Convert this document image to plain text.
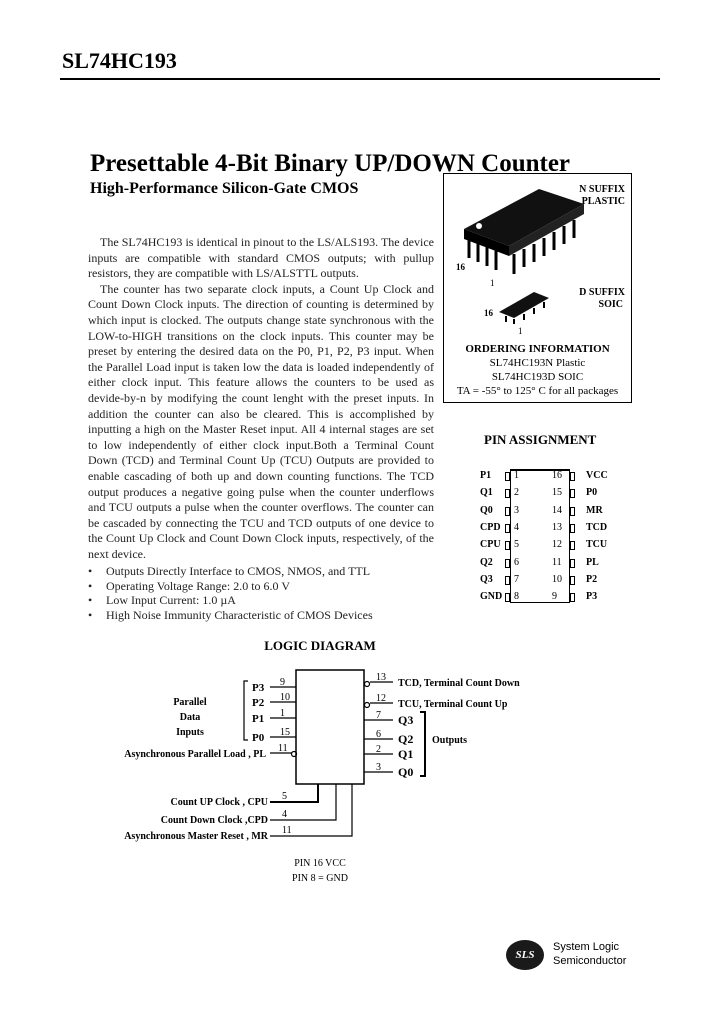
SL74HC193
Presettable 4-Bit Binary UP/DOWN Counter
High-Performance Silicon-Gate CMOS

The SL74HC193 is identical in pinout to the LS/ALS193. The device inputs are compatible with standard CMOS outputs; with pullup resistors, they are compatible with LS/ALSTTL outputs.

The counter has two separate clock inputs, a Count Up Clock and Count Down Clock inputs. The direction of counting is determined by which input is clocked. The outputs change state synchronous with the LOW-to-HIGH transitions on the clock inputs. This counter may be preset by entering the desired data on the P0, P1, P2, P3 input. When the Parallel Load input is taken low the data is loaded independently of either clock input. This feature allows the counters to be used as devide-by-n by modifying the count lenght with the preset inputs. In addition the counter can also be cleared. This is accomplished by inputting a high on the Master Reset input. All 4 internal stages are set to low independently of either clock input.Both a Terminal Count Down (TCD) and Terminal Count Up (TCU) Outputs are provided to enable cascading of both up and down counting functions. The TCD output produces a negative going pulse when the counter underflows and TCU outputs a pulse when the counter overflows. The counter can be cascaded by connecting the TCU and TCD outputs of one device to the Count Up Clock and Count Down Clock inputs, respectively, of the next device.

• Outputs Directly Interface to CMOS, NMOS, and TTL
• Operating Voltage Range: 2.0 to 6.0 V
• Low Input Current: 1.0 µA
• High Noise Immunity Characteristic of CMOS Devices
16
1
16
1
N SUFFIX
PLASTIC
D SUFFIX
SOIC
ORDERING INFORMATION
SL74HC193N Plastic
SL74HC193D SOIC
TA = -55° to 125° C for all packages
PIN ASSIGNMENT
P1 1
Q1 2
Q0 3
CPD 4
CPU 5
Q2 6
Q3 7
GND 8
VCC
16
P0
15
MR
14
TCD
13
TCU
12
PL
11
P2
10
P3
9
LOGIC DIAGRAM
P3 9
P2 10
P1 1
P0 15
Parallel
Data
Inputs
Asynchronous Parallel Load , PL
11
TCD, Terminal Count Down
13
TCU, Terminal Count Up
12
Q3
7
Q2
6
Q1
2
Q0
3
Outputs
Count UP Clock , CPU
5
Count Down Clock ,CPD
4
Asynchronous Master Reset , MR
11
PIN 16 VCC
PIN 8 = GND
SLS
System Logic
Semiconductor
